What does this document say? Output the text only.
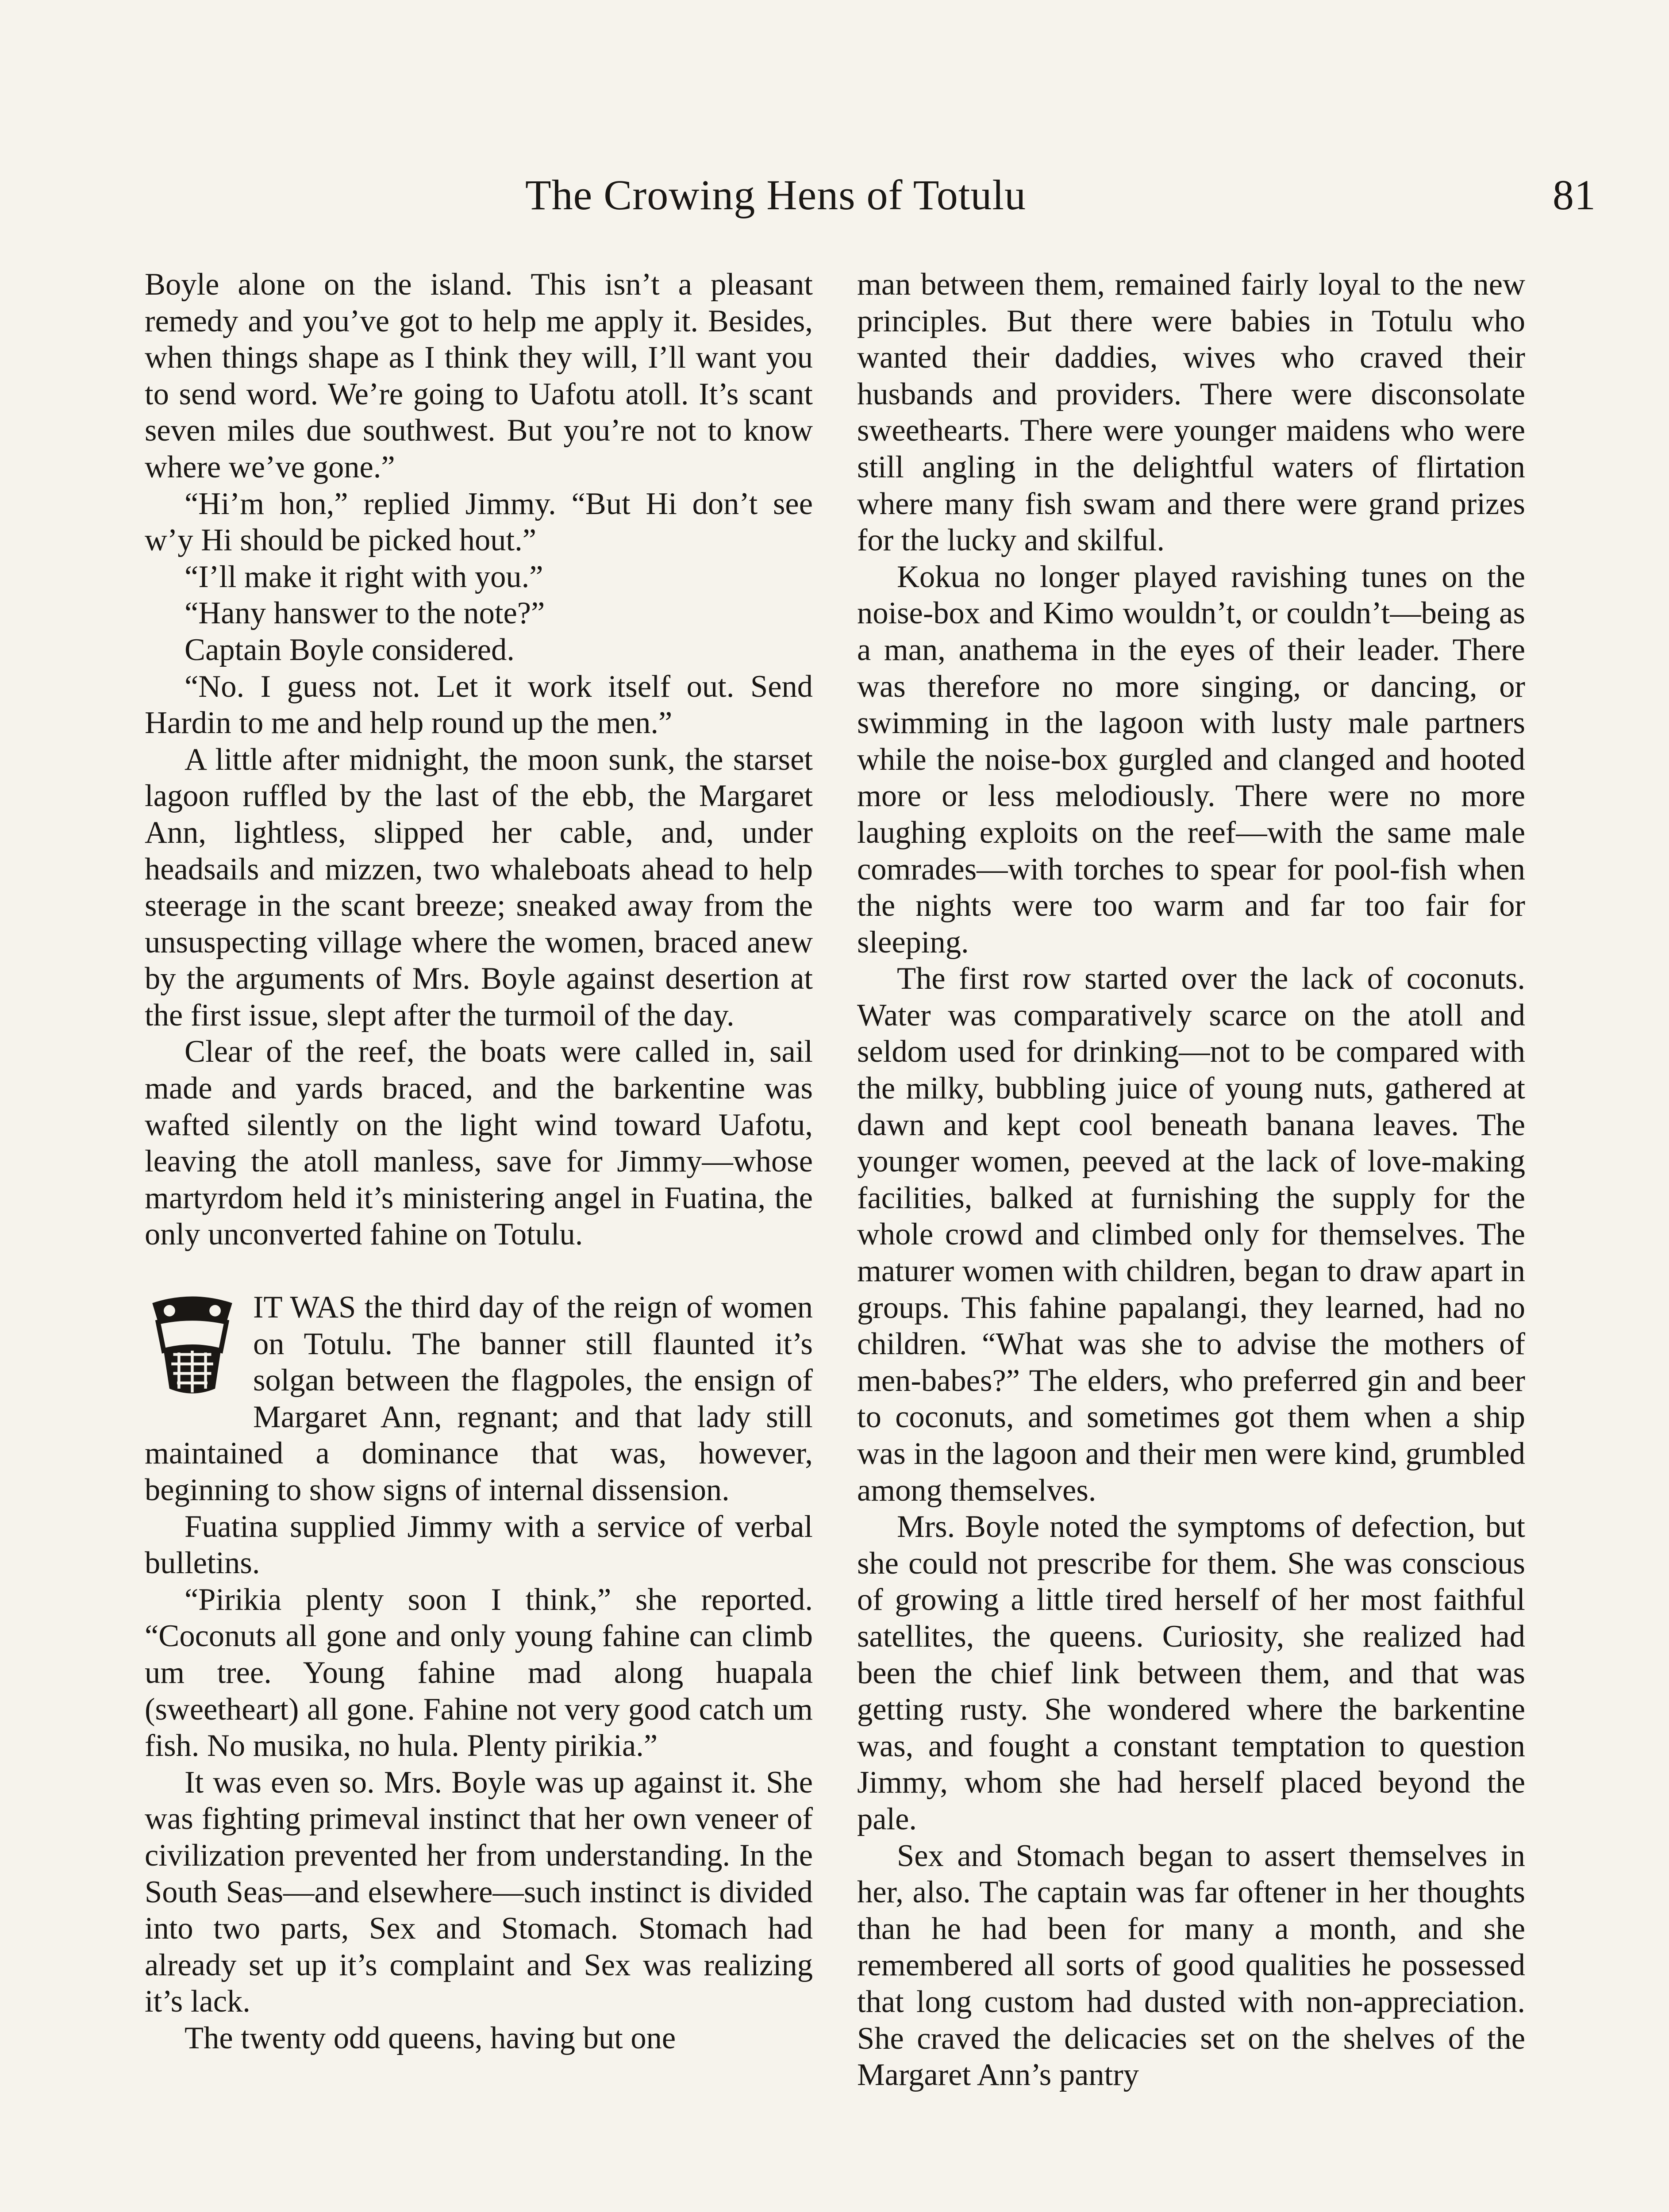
The Crowing Hens of Totulu	81

Boyle alone on the island. This isn’t a pleasant remedy and you’ve got to help me apply it. Besides, when things shape as I think they will, I’ll want you to send word. We’re going to Uafotu atoll. It’s scant seven miles due southwest. But you’re not to know where we’ve gone.”

“Hi’m hon,” replied Jimmy. “But Hi don’t see w’y Hi should be picked hout.”

“I’ll make it right with you.”

“Hany hanswer to the note?”

Captain Boyle considered.

“No. I guess not. Let it work itself out. Send Hardin to me and help round up the men.”

A little after midnight, the moon sunk, the starset lagoon ruffled by the last of the ebb, the Margaret Ann, lightless, slipped her cable, and, under headsails and mizzen, two whaleboats ahead to help steerage in the scant breeze; sneaked away from the unsuspecting village where the women, braced anew by the arguments of Mrs. Boyle against desertion at the first issue, slept after the turmoil of the day.

Clear of the reef, the boats were called in, sail made and yards braced, and the barkentine was wafted silently on the light wind toward Uafotu, leaving the atoll manless, save for Jimmy—whose martyrdom held it’s ministering angel in Fuatina, the only unconverted fahine on Totulu.

IT WAS the third day of the reign of women on Totulu. The banner still flaunted it’s solgan between the flagpoles, the ensign of Margaret Ann, regnant; and that lady still maintained a dominance that was, however, beginning to show signs of internal dissension.

Fuatina supplied Jimmy with a service of verbal bulletins.

“Pirikia plenty soon I think,” she reported. “Coconuts all gone and only young fahine can climb um tree. Young fahine mad along huapala (sweetheart) all gone. Fahine not very good catch um fish. No musika, no hula. Plenty pirikia.”

It was even so. Mrs. Boyle was up against it. She was fighting primeval instinct that her own veneer of civilization prevented her from understanding. In the South Seas—and elsewhere—such instinct is divided into two parts, Sex and Stomach. Stomach had already set up it’s complaint and Sex was realizing it’s lack.

The twenty odd queens, having but one

man between them, remained fairly loyal to the new principles. But there were babies in Totulu who wanted their daddies, wives who craved their husbands and providers. There were disconsolate sweethearts. There were younger maidens who were still angling in the delightful waters of flirtation where many fish swam and there were grand prizes for the lucky and skilful.

Kokua no longer played ravishing tunes on the noise-box and Kimo wouldn’t, or couldn’t—being as a man, anathema in the eyes of their leader. There was therefore no more singing, or dancing, or swimming in the lagoon with lusty male partners while the noise-box gurgled and clanged and hooted more or less melodiously. There were no more laughing exploits on the reef—with the same male comrades—with torches to spear for pool-fish when the nights were too warm and far too fair for sleeping.

The first row started over the lack of coconuts. Water was comparatively scarce on the atoll and seldom used for drinking—not to be compared with the milky, bubbling juice of young nuts, gathered at dawn and kept cool beneath banana leaves. The younger women, peeved at the lack of love-making facilities, balked at furnishing the supply for the whole crowd and climbed only for themselves. The maturer women with children, began to draw apart in groups. This fahine papalangi, they learned, had no children. “What was she to advise the mothers of men-babes?” The elders, who preferred gin and beer to coconuts, and sometimes got them when a ship was in the lagoon and their men were kind, grumbled among themselves.

Mrs. Boyle noted the symptoms of defection, but she could not prescribe for them. She was conscious of growing a little tired herself of her most faithful satellites, the queens. Curiosity, she realized had been the chief link between them, and that was getting rusty. She wondered where the barkentine was, and fought a constant temptation to question Jimmy, whom she had herself placed beyond the pale.

Sex and Stomach began to assert themselves in her, also. The captain was far oftener in her thoughts than he had been for many a month, and she remembered all sorts of good qualities he possessed that long custom had dusted with non-appreciation. She craved the delicacies set on the shelves of the Margaret Ann’s pantry
